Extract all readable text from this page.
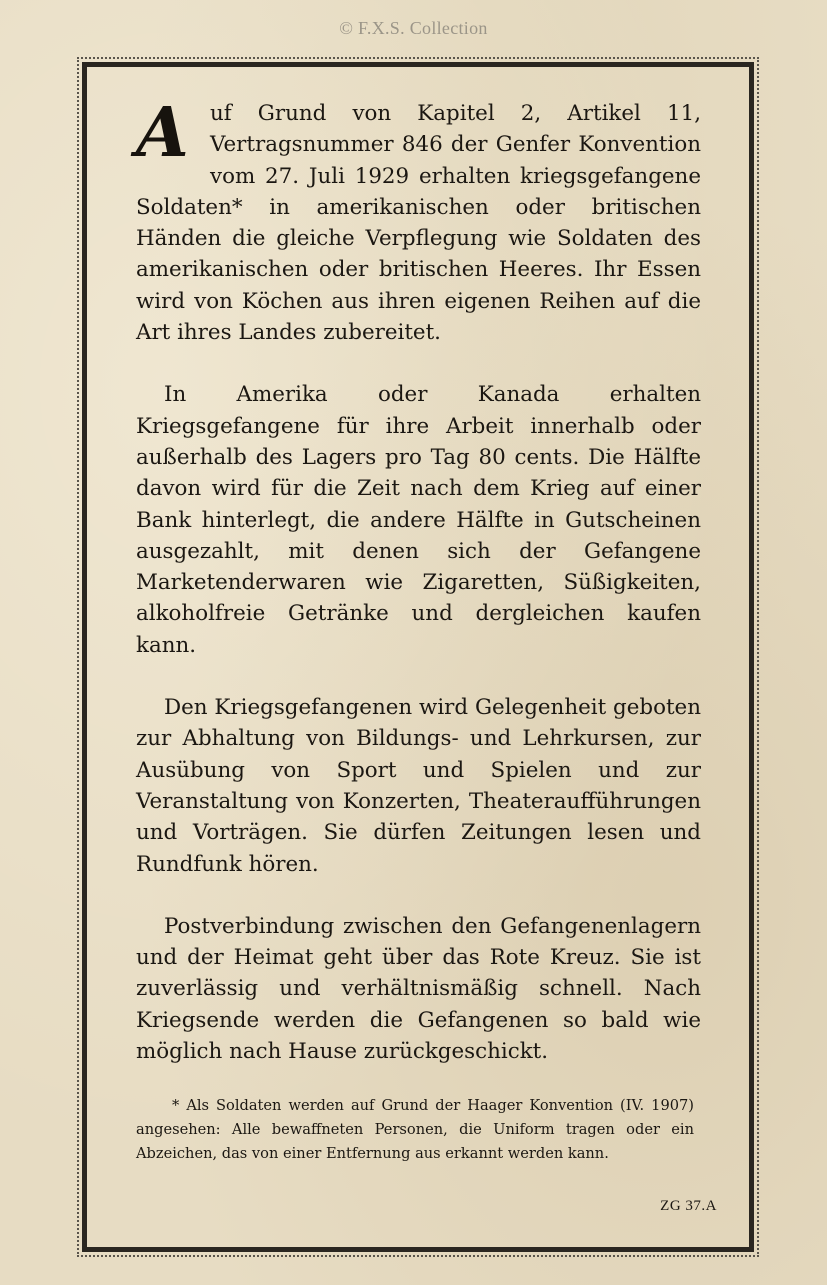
© F.X.S. Collection

Auf Grund von Kapitel 2, Artikel 11, Vertragsnummer 846 der Genfer Konvention vom 27. Juli 1929 erhalten kriegsgefangene Soldaten* in amerikanischen oder britischen Händen die gleiche Verpflegung wie Soldaten des amerikanischen oder britischen Heeres. Ihr Essen wird von Köchen aus ihren eigenen Reihen auf die Art ihres Landes zubereitet.

In Amerika oder Kanada erhalten Kriegsgefangene für ihre Arbeit innerhalb oder außerhalb des Lagers pro Tag 80 cents. Die Hälfte davon wird für die Zeit nach dem Krieg auf einer Bank hinterlegt, die andere Hälfte in Gutscheinen ausgezahlt, mit denen sich der Gefangene Marketenderwaren wie Zigaretten, Süßigkeiten, alkoholfreie Getränke und dergleichen kaufen kann.

Den Kriegsgefangenen wird Gelegenheit geboten zur Abhaltung von Bildungs- und Lehrkursen, zur Ausübung von Sport und Spielen und zur Veranstaltung von Konzerten, Theateraufführungen und Vorträgen. Sie dürfen Zeitungen lesen und Rundfunk hören.

Postverbindung zwischen den Gefangenenlagern und der Heimat geht über das Rote Kreuz. Sie ist zuverlässig und verhältnismäßig schnell. Nach Kriegsende werden die Gefangenen so bald wie möglich nach Hause zurückgeschickt.

* Als Soldaten werden auf Grund der Haager Konvention (IV. 1907) angesehen: Alle bewaffneten Personen, die Uniform tragen oder ein Abzeichen, das von einer Entfernung aus erkannt werden kann.
ZG 37.A
